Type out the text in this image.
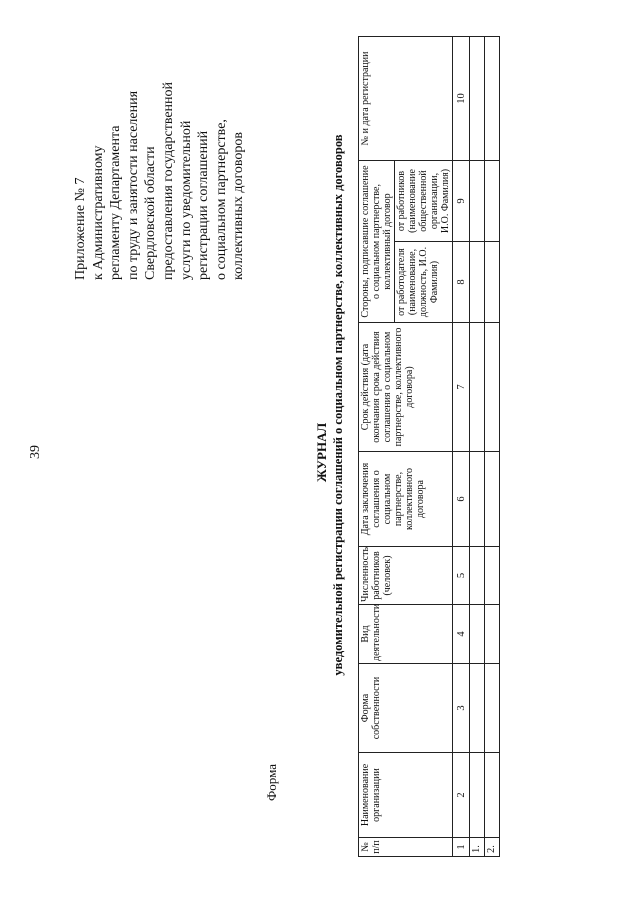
39
Приложение № 7 к Административному регламенту Департамента по труду и занятости населения Свердловской области предоставления государственной услуги по уведомительной регистрации соглашений о социальном партнерстве, коллективных договоров
Форма
ЖУРНАЛ уведомительной регистрации соглашений о социальном партнерстве, коллективных договоров
№ п/п	Наименование организации	Форма собственности	Вид деятельности	Численность работников (человек)	Дата заключения соглашения о социальном партнерстве, коллективного договора	Срок действия (дата окончания срока действия соглашения о социальном партнерстве, коллективного договора)	Стороны, подписавшие соглашение о социальном партнерстве, коллективный договор		№ и дата регистрации
							от работодателя (наименование, должность, И.О. Фамилия)	от работников (наименование общественной организации, И.О. Фамилия)	
1	2	3	4	5	6	7	8	9	10
1.									
2.									
